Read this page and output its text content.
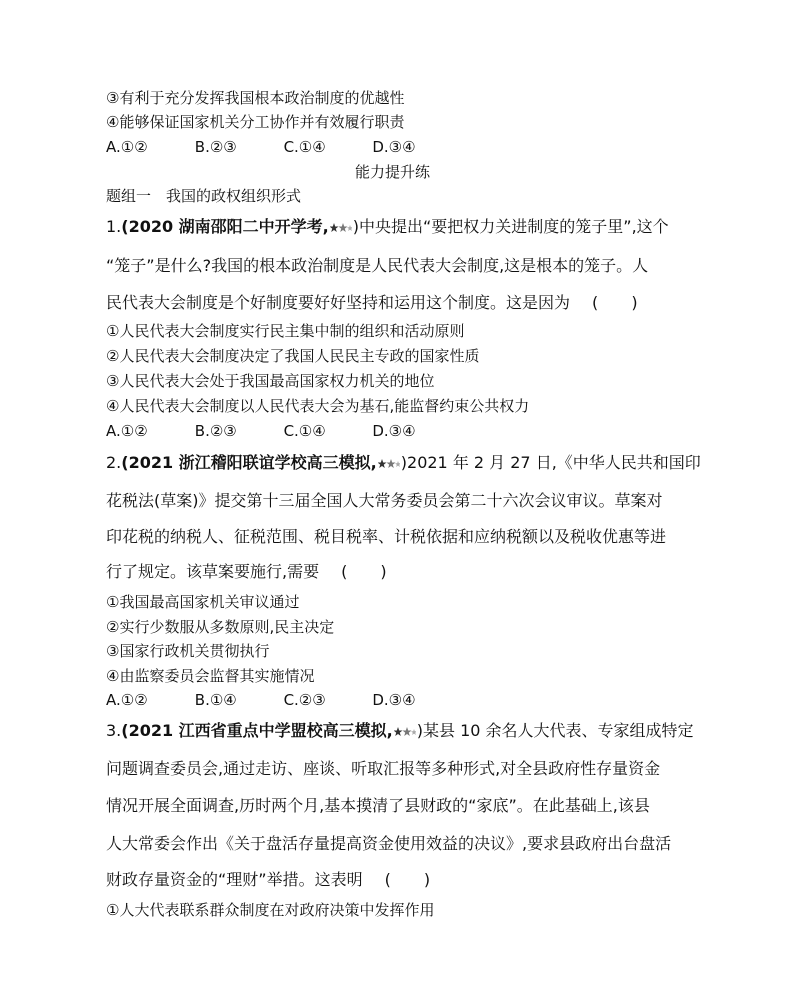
③有利于充分发挥我国根本政治制度的优越性
④能够保证国家机关分工协作并有效履行职责
A.①②	B.②③	C.①④	D.③④
能力提升练
题组一　我国的政权组织形式
1.(2020 湖南邵阳二中开学考, )中央提出“要把权力关进制度的笼子里”,这个
“笼子”是什么?我国的根本政治制度是人民代表大会制度,这是根本的笼子。人
民代表大会制度是个好制度要好好坚持和运用这个制度。这是因为 ( )
①人民代表大会制度实行民主集中制的组织和活动原则
②人民代表大会制度决定了我国人民民主专政的国家性质
③人民代表大会处于我国最高国家权力机关的地位
④人民代表大会制度以人民代表大会为基石,能监督约束公共权力
A.①②	B.②③	C.①④	D.③④
2.(2021 浙江稽阳联谊学校高三模拟, )2021 年 2 月 27 日,《中华人民共和国印
花税法(草案)》提交第十三届全国人大常务委员会第二十六次会议审议。草案对
印花税的纳税人、征税范围、税目税率、计税依据和应纳税额以及税收优惠等进
行了规定。该草案要施行,需要 ( )
①我国最高国家机关审议通过
②实行少数服从多数原则,民主决定
③国家行政机关贯彻执行
④由监察委员会监督其实施情况
A.①②	B.①④	C.②③	D.③④
3.(2021 江西省重点中学盟校高三模拟, )某县 10 余名人大代表、专家组成特定
问题调查委员会,通过走访、座谈、听取汇报等多种形式,对全县政府性存量资金
情况开展全面调查,历时两个月,基本摸清了县财政的“家底”。在此基础上,该县
人大常委会作出《关于盘活存量提高资金使用效益的决议》,要求县政府出台盘活
财政存量资金的“理财”举措。这表明 ( )
①人大代表联系群众制度在对政府决策中发挥作用
